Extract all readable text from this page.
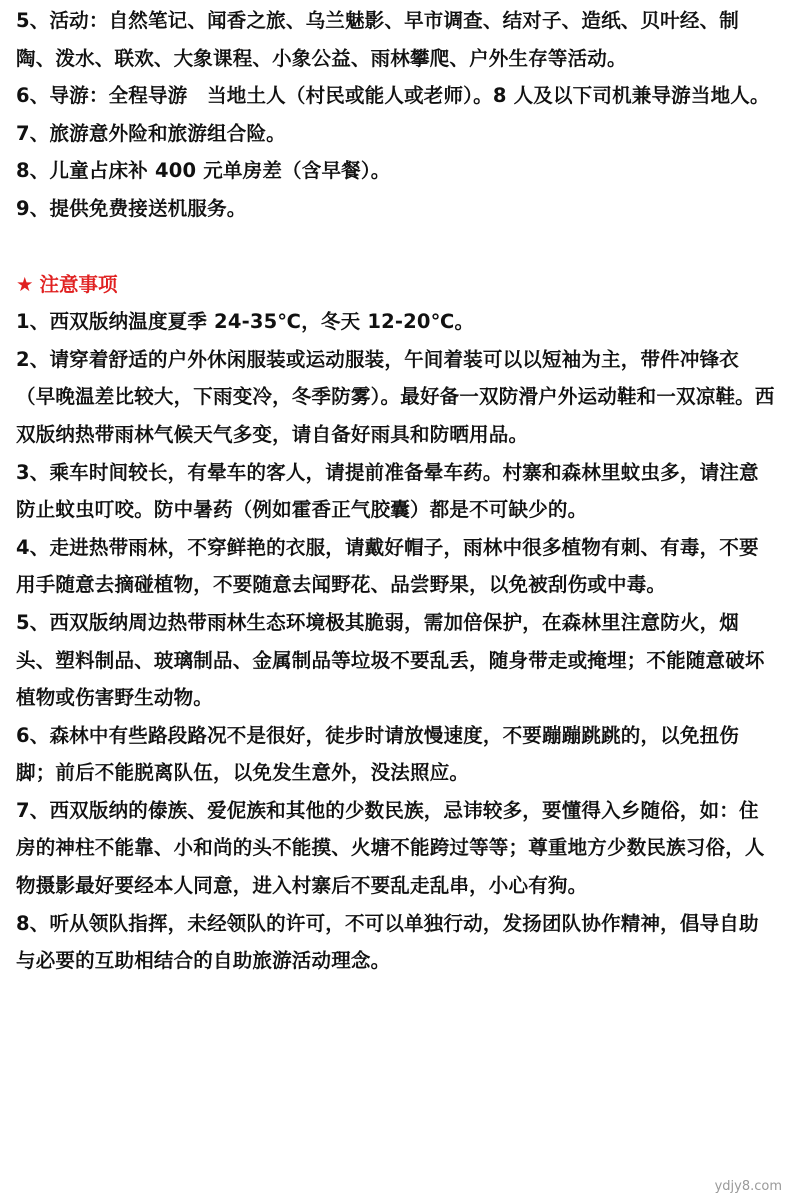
5、活动：自然笔记、闻香之旅、乌兰魅影、早市调查、结对子、造纸、贝叶经、制陶、泼水、联欢、大象课程、小象公益、雨林攀爬、户外生存等活动。

6、导游：全程导游　当地土人（村民或能人或老师）。8 人及以下司机兼导游当地人。

7、旅游意外险和旅游组合险。

8、儿童占床补 400 元单房差（含早餐）。

9、提供免费接送机服务。

★ 注意事项

1、西双版纳温度夏季 24-35℃，冬天 12-20℃。

2、请穿着舒适的户外休闲服装或运动服装，午间着装可以以短袖为主，带件冲锋衣（早晚温差比较大，下雨变冷，冬季防雾）。最好备一双防滑户外运动鞋和一双凉鞋。西双版纳热带雨林气候天气多变，请自备好雨具和防晒用品。

3、乘车时间较长，有晕车的客人，请提前准备晕车药。村寨和森林里蚊虫多，请注意防止蚊虫叮咬。防中暑药（例如霍香正气胶囊）都是不可缺少的。

4、走进热带雨林，不穿鲜艳的衣服，请戴好帽子，雨林中很多植物有刺、有毒，不要用手随意去摘碰植物，不要随意去闻野花、品尝野果，以免被刮伤或中毒。

5、西双版纳周边热带雨林生态环境极其脆弱，需加倍保护，在森林里注意防火，烟头、塑料制品、玻璃制品、金属制品等垃圾不要乱丢，随身带走或掩埋；不能随意破坏植物或伤害野生动物。

6、森林中有些路段路况不是很好，徒步时请放慢速度，不要蹦蹦跳跳的，以免扭伤脚；前后不能脱离队伍，以免发生意外，没法照应。

7、西双版纳的傣族、爱伲族和其他的少数民族，忌讳较多，要懂得入乡随俗，如：住房的神柱不能靠、小和尚的头不能摸、火塘不能跨过等等；尊重地方少数民族习俗，人物摄影最好要经本人同意，进入村寨后不要乱走乱串，小心有狗。

8、听从领队指挥，未经领队的许可，不可以单独行动，发扬团队协作精神，倡导自助与必要的互助相结合的自助旅游活动理念。

ydjy8.com
